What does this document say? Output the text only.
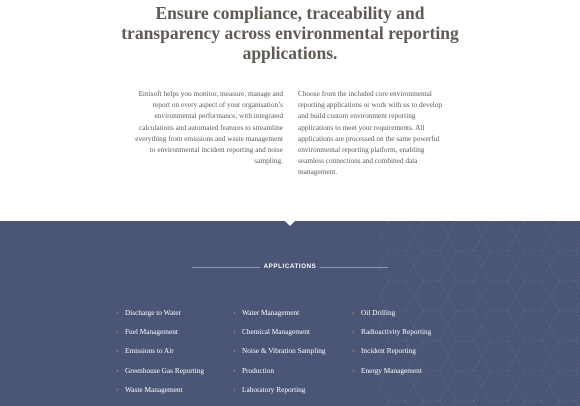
Ensure compliance, traceability and
transparency across environmental reporting
applications.
Emisoft helps you monitor, measure, manage and
report on every aspect of your organisation’s
environmental performance, with integrated
calculations and automated features to streamline
everything from emissions and waste management
to environmental incident reporting and noise
sampling.
Choose from the included core environmental
reporting applications or work with us to develop
and build custom environment reporting
applications to meet your requirements. All
applications are processed on the same powerful
environmental reporting platform, enabling
seamless connections and combined data
management.
APPLICATIONS
› Discharge to Water
› Fuel Management
› Emissions to Air
› Greenhouse Gas Reporting
› Waste Management
› Water Management
› Chemical Management
› Noise & Vibration Sampling
› Production
› Laboratory Reporting
› Oil Drilling
› Radioactivity Reporting
› Incident Reporting
› Energy Management
